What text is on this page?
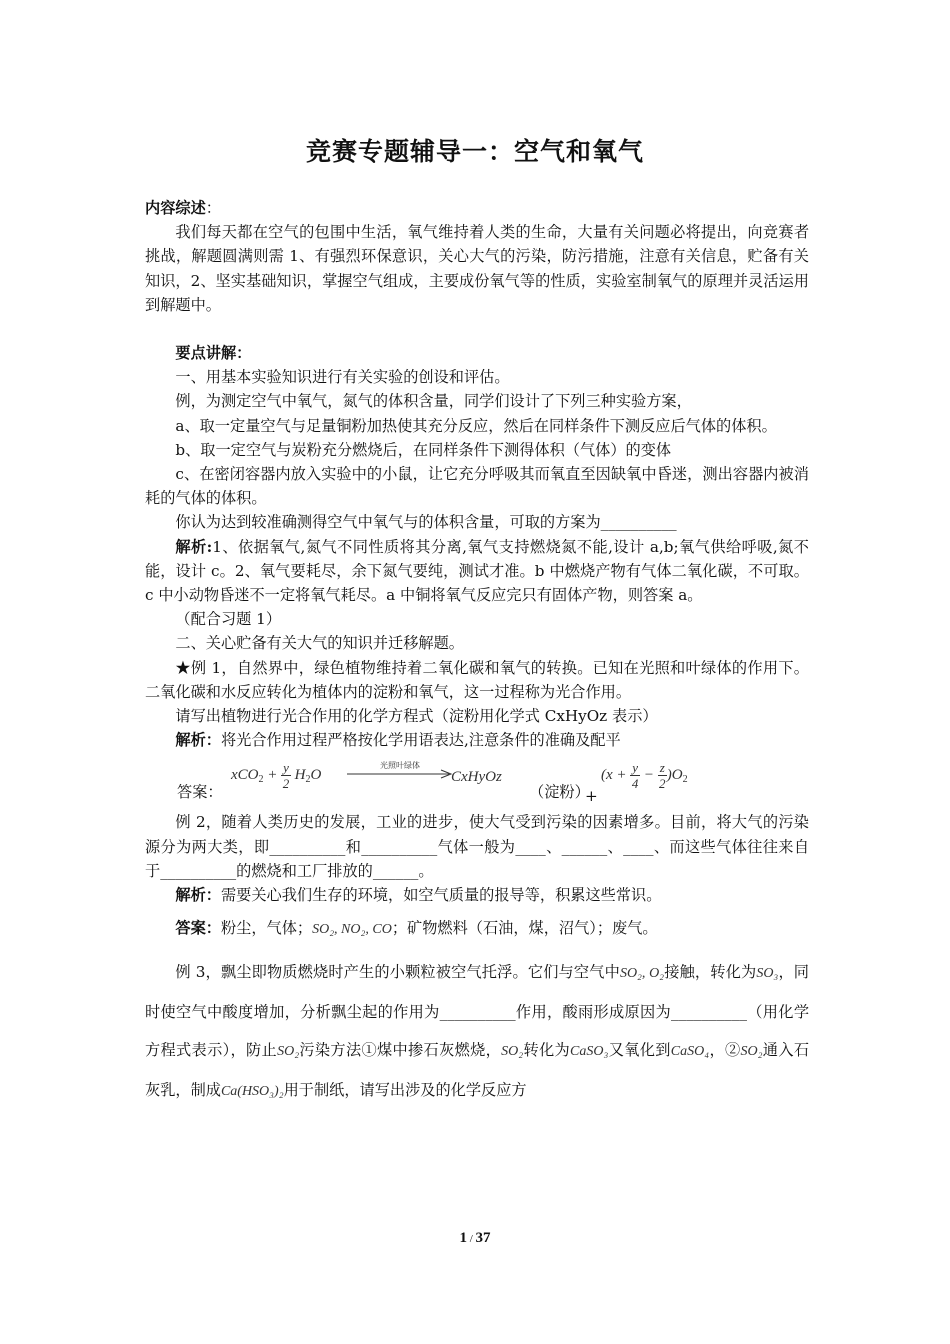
竞赛专题辅导一：空气和氧气

内容综述：

我们每天都在空气的包围中生活，氧气维持着人类的生命，大量有关问题必将提出，向竞赛者挑战，解题圆满则需 1、有强烈环保意识，关心大气的污染，防污措施，注意有关信息，贮备有关知识，2、坚实基础知识，掌握空气组成，主要成份氧气等的性质，实验室制氧气的原理并灵活运用到解题中。

要点讲解：

一、用基本实验知识进行有关实验的创设和评估。

例，为测定空气中氧气，氮气的体积含量，同学们设计了下列三种实验方案，

a、取一定量空气与足量铜粉加热使其充分反应，然后在同样条件下测反应后气体的体积。

b、取一定空气与炭粉充分燃烧后，在同样条件下测得体积（气体）的变体

c、在密闭容器内放入实验中的小鼠，让它充分呼吸其而氧直至因缺氧中昏迷，测出容器内被消耗的气体的体积。

你认为达到较准确测得空气中氧气与的体积含量，可取的方案为__________

解析:1、依据氧气,氮气不同性质将其分离,氧气支持燃烧氮不能,设计 a,b;氧气供给呼吸,氮不能，设计 c。2、氧气要耗尽，余下氮气要纯，测试才准。b 中燃烧产物有气体二氧化碳，不可取。c 中小动物昏迷不一定将氧气耗尽。a 中铜将氧气反应完只有固体产物，则答案 a。

（配合习题 1）

二、关心贮备有关大气的知识并迁移解题。

★例 1，自然界中，绿色植物维持着二氧化碳和氧气的转换。已知在光照和叶绿体的作用下。二氧化碳和水反应转化为植体内的淀粉和氧气，这一过程称为光合作用。

请写出植物进行光合作用的化学方程式（淀粉用化学式 CxHyOz 表示）

解析：将光合作用过程严格按化学用语表达,注意条件的准确及配平

答案：
$xCO_2 + \frac{y}{2} H_2O$
光照叶绿体
CxHyOz
（淀粉）
+
$(x + \frac{y}{4} - \frac{z}{2} )O_2$

例 2，随着人类历史的发展，工业的进步，使大气受到污染的因素增多。目前，将大气的污染源分为两大类，即__________和__________气体一般为____、______、____、而这些气体往往来自于__________的燃烧和工厂排放的______。

解析：需要关心我们生存的环境，如空气质量的报导等，积累这些常识。

答案：粉尘，气体；SO₂, NO₂, CO；矿物燃料（石油，煤，沼气）；废气。

例 3，飘尘即物质燃烧时产生的小颗粒被空气托浮。它们与空气中SO₂, O₂接触，转化为SO₃，同时使空气中酸度增加，分析飘尘起的作用为__________作用，酸雨形成原因为__________（用化学方程式表示），防止SO₂污染方法①煤中掺石灰燃烧，SO₂转化为CaSO₃又氧化到CaSO₄，②SO₂通入石灰乳，制成Ca(HSO₃)₂用于制纸，请写出涉及的化学反应方

1 / 37
